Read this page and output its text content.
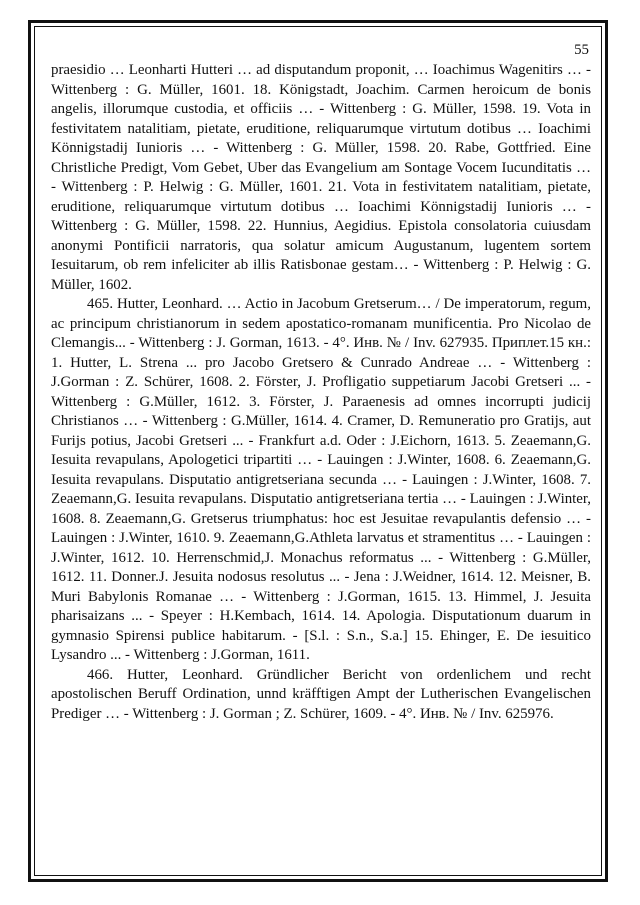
55

praesidio … Leonharti Hutteri … ad disputandum proponit, … Ioachimus Wagenitirs … - Wittenberg : G. Müller, 1601. 18. Königstadt, Joachim. Carmen heroicum de bonis angelis, illorumque custodia, et officiis … - Wittenberg : G. Müller, 1598. 19. Vota in festivitatem natalitiam, pietate, eruditione, reliquarumque virtutum dotibus … Ioachimi Könnigstadij Iunioris … - Wittenberg : G. Müller, 1598. 20. Rabe, Gottfried. Eine Christliche Predigt, Vom Gebet, Uber das Evangelium am Sontage Vocem Iucunditatis … - Wittenberg : P. Helwig : G. Müller, 1601. 21. Vota in festivitatem natalitiam, pietate, eruditione, reliquarumque virtutum dotibus … Ioachimi Könnigstadij Iunioris … - Wittenberg : G. Müller, 1598. 22. Hunnius, Aegidius. Epistola consolatoria cuiusdam anonymi Pontificii narratoris, qua solatur amicum Augustanum, lugentem sortem Iesuitarum, ob rem infeliciter ab illis Ratisbonae gestam… - Wittenberg : P. Helwig : G. Müller, 1602.

465. Hutter, Leonhard. … Actio in Jacobum Gretserum… / De imperatorum, regum, ac principum christianorum in sedem apostatico-romanam munificentia. Pro Nicolao de Clemangis... - Wittenberg : J. Gorman, 1613. - 4°. Инв. № / Inv. 627935. Приплет.15 кн.: 1. Hutter, L. Strena ... pro Jacobo Gretsero & Cunrado Andreae … - Wittenberg : J.Gorman : Z. Schürer, 1608. 2. Förster, J. Profligatio suppetiarum Jacobi Gretseri ... - Wittenberg : G.Müller, 1612. 3. Förster, J. Paraenesis ad omnes incorrupti judicij Christianos … - Wittenberg : G.Müller, 1614. 4. Cramer, D. Remuneratio pro Gratijs, aut Furijs potius, Jacobi Gretseri ... - Frankfurt a.d. Oder : J.Eichorn, 1613. 5. Zeaemann,G. Iesuita revapulans, Apologetici tripartiti … - Lauingen : J.Winter, 1608. 6. Zeaemann,G. Iesuita revapulans. Disputatio antigretseriana secunda … - Lauingen : J.Winter, 1608. 7. Zeaemann,G. Iesuita revapulans. Disputatio antigretseriana tertia … - Lauingen : J.Winter, 1608. 8. Zeaemann,G. Gretserus triumphatus: hoc est Jesuitae revapulantis defensio … - Lauingen : J.Winter, 1610. 9. Zeaemann,G.Athleta larvatus et stramentitus … - Lauingen : J.Winter, 1612. 10. Herrenschmid,J. Monachus reformatus ... - Wittenberg : G.Müller, 1612. 11. Donner.J. Jesuita nodosus resolutus ... - Jena : J.Weidner, 1614. 12. Meisner, B. Muri Babylonis Romanae … - Wittenberg : J.Gorman, 1615. 13. Himmel, J. Jesuita pharisaizans ... - Speyer : H.Kembach, 1614. 14. Apologia. Disputationum duarum in gymnasio Spirensi publice habitarum. - [S.l. : S.n., S.a.] 15. Ehinger, E. De iesuitico Lysandro ... - Wittenberg : J.Gorman, 1611.

466. Hutter, Leonhard. Gründlicher Bericht von ordenlichem und recht apostolischen Beruff Ordination, unnd kräfftigen Ampt der Lutherischen Evangelischen Prediger … - Wittenberg : J. Gorman ; Z. Schürer, 1609. - 4°. Инв. № / Inv. 625976.
